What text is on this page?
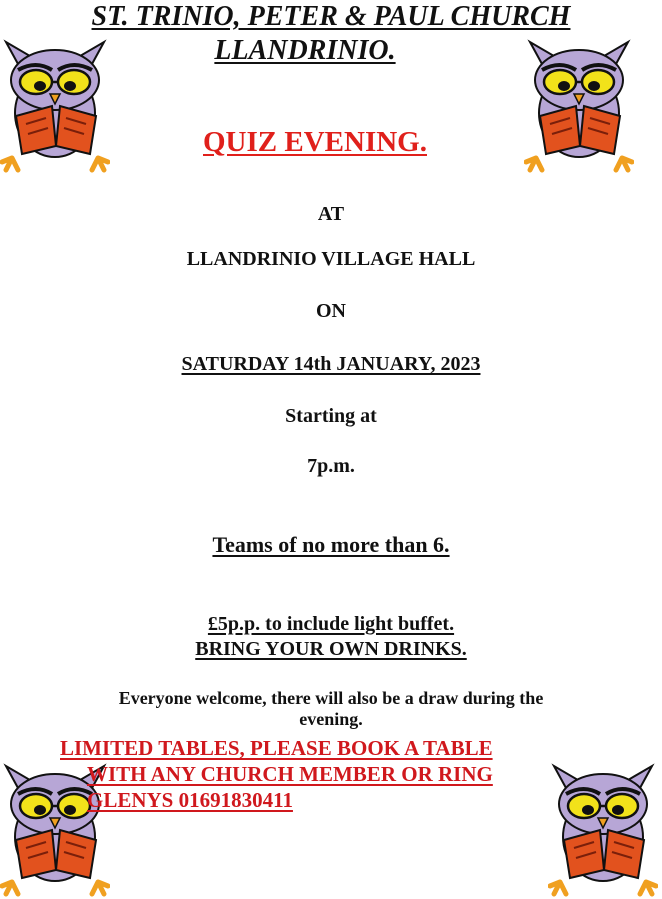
ST. TRINIO, PETER & PAUL CHURCH

LLANDRINIO.

QUIZ EVENING.

AT

LLANDRINIO VILLAGE HALL

ON

SATURDAY 14th JANUARY, 2023

Starting at

7p.m.

Teams of no more than 6.

£5p.p. to include light buffet.

BRING YOUR OWN DRINKS.

Everyone welcome, there will also be a draw during the

evening.

LIMITED TABLES, PLEASE BOOK A TABLE

WITH ANY CHURCH MEMBER OR RING

GLENYS 01691830411
